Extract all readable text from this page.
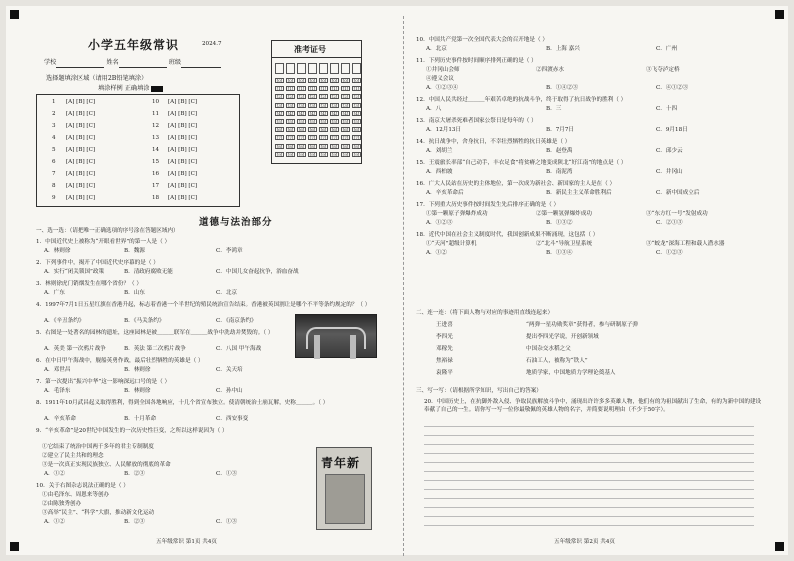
小学五年级常识	2024.7
学校	姓名	班级
选择题填涂区域（请用2B铅笔填涂）
填涂样例 正确填涂
准考证号
道德与法治部分
一、选一选：（请把唯一正确选项的序号涂在答题区域内）
青年新
五年级常识 第1页 共4页
二、连一连：（将下面人物与对应的事迹用直线连起来）
三、写一写：（请根据所学知识，写出自己的答案）
20．中国历史上，在抗御外敌入侵、争取民族解放斗争中，涌现出许许多多英雄人物，他们有的为祖国献出了生命，有的为新中国的建设奉献了自己的一生。请你写一写一位你最敬佩的英雄人物的名字，并简要说明理由（不少于50字）。
五年级常识 第2页 共4页
1 [A] [B] [C]	10 [A] [B] [C]
2 [A] [B] [C]	11 [A] [B] [C]
3 [A] [B] [C]	12 [A] [B] [C]
4 [A] [B] [C]	13 [A] [B] [C]
5 [A] [B] [C]	14 [A] [B] [C]
6 [A] [B] [C]	15 [A] [B] [C]
7 [A] [B] [C]	16 [A] [B] [C]
8 [A] [B] [C]	17 [A] [B] [C]
9 [A] [B] [C]	18 [A] [B] [C]
[0]	[0]	[0]	[0]	[0]	[0]	[0]	[0]
[1]	[1]	[1]	[1]	[1]	[1]	[1]	[1]
[2]	[2]	[2]	[2]	[2]	[2]	[2]	[2]
[3]	[3]	[3]	[3]	[3]	[3]	[3]	[3]
[4]	[4]	[4]	[4]	[4]	[4]	[4]	[4]
[5]	[5]	[5]	[5]	[5]	[5]	[5]	[5]
[6]	[6]	[6]	[6]	[6]	[6]	[6]	[6]
[7]	[7]	[7]	[7]	[7]	[7]	[7]	[7]
[8]	[8]	[8]	[8]	[8]	[8]	[8]	[8]
[9]	[9]	[9]	[9]	[9]	[9]	[9]	[9]
1．中国近代史上被称为“开眼看世界”的第一人是（ ）
A．林则徐	B．魏源	C．李鸿章
2．下列事件中，揭开了中国近代史序幕的是（ ）
A．实行“闭关锁国”政策	B．清政府腐败无能	C．中国儿女奋起抗争，浴血奋战
3．林则徐虎门销烟发生在哪个省份？（ ）
A．广东	B．山东	C．北京
4．1997年7月1日五星红旗在香港升起，标志着香港一个半世纪的殖民统治宣告结束。香港被英国割让是哪个不平等条约规定的？（ ）
A．《辛丑条约》	B．《马关条约》	C．《南京条约》
5．右图是一处著名的园林的遗址，这座园林是被＿＿＿联军在＿＿＿战争中洗劫并焚毁的。（ ）
A．英美 第一次鸦片战争	B．英法 第二次鸦片战争	C．八国 甲午海战
6．在中日甲午海战中，舰船英勇作战，最后壮烈牺牲的英雄是（ ）
A．邓世昌	B．林则徐	C．关天培
7．第一次提出“振兴中华”这一影响深远口号的是（ ）
A．毛泽东	B．林则徐	C．孙中山
8．1911年10月武昌起义取得胜利，得到全国各地响应，十几个省宣布独立。使清朝统治土崩瓦解，史称＿＿＿。（ ）
A．辛亥革命	B．十月革命	C．西安事变
9．“辛亥革命”是20世纪中国发生的一次历史性巨变，之所以这样说因为（ ）
①它结束了统治中国两千多年的君主专制制度
②建立了民主共和的理念
③是一次真正实现民族独立、人民解放的彻底的革命
A．①②	B．②③	C．①③
10．关于右图杂志说法正确的是（ ）
①由毛泽东、周恩来等创办
②由陈独秀创办
③高举“民主”、“科学”大旗，推动新文化运动
A．①②	B．②③	C．①③
10．中国共产党第一次全国代表大会的召开地是（ ）
A．北京	B．上海 嘉兴	C．广州
11．下列历史事件按时间顺序排列正确的是（ ）
①井冈山会师	②四渡赤水	③飞夺泸定桥
④遵义会议
A．①②③④	B．①④②③	C．④①②③
12．中国人民共经过＿＿＿年艰苦卓绝的抗战斗争，终于取得了抗日战争的胜利（ ）
A．八	B．三	C．十四
13．南京大屠杀死难者国家公祭日是每年的（ ）
A．12月13日	B．7月7日	C．9月18日
14．抗日战争中，舍身抗日，不幸壮烈牺牲的抗日英雄是（ ）
A．刘胡兰	B．赵登禹	C．邱少云
15．王震旅长率部“自己动手，丰衣足食”将贫瘠之地变成陕北“好江南”的地点是（ ）
A．西柏坡	B．南泥湾	C．井冈山
16．广大人民站在历史的主体地位，第一次成为新社会、新国家的主人是在（ ）
A．辛亥革命后	B．新民主主义革命胜利后	C．新中国成立后
17．下列重大历史事件按时间发生先后排序正确的是（ ）
①第一颗原子弹爆炸成功	②第一颗氢弹爆炸成功	③“东方红一号”发射成功
A．①②③	B．①③②	C．②①③
18．近代中国在社会主义制度时代，我国创新成果不断涌现，这包括（ ）
①“天河”超级计算机	②“北斗”导航卫星系统	③“蛟龙”深海工程和载人潜水器
A．①②	B．①③④	C．①②③
王进喜	“两弹一星功勋奖章”获得者，参与研制原子弹
李四光	提出李四光学说，开创新领域
邓稼先	中国杂交水稻之父
焦裕禄	石油工人，被称为“铁人”
袁隆平	地质学家，中国地质力学理论奠基人
